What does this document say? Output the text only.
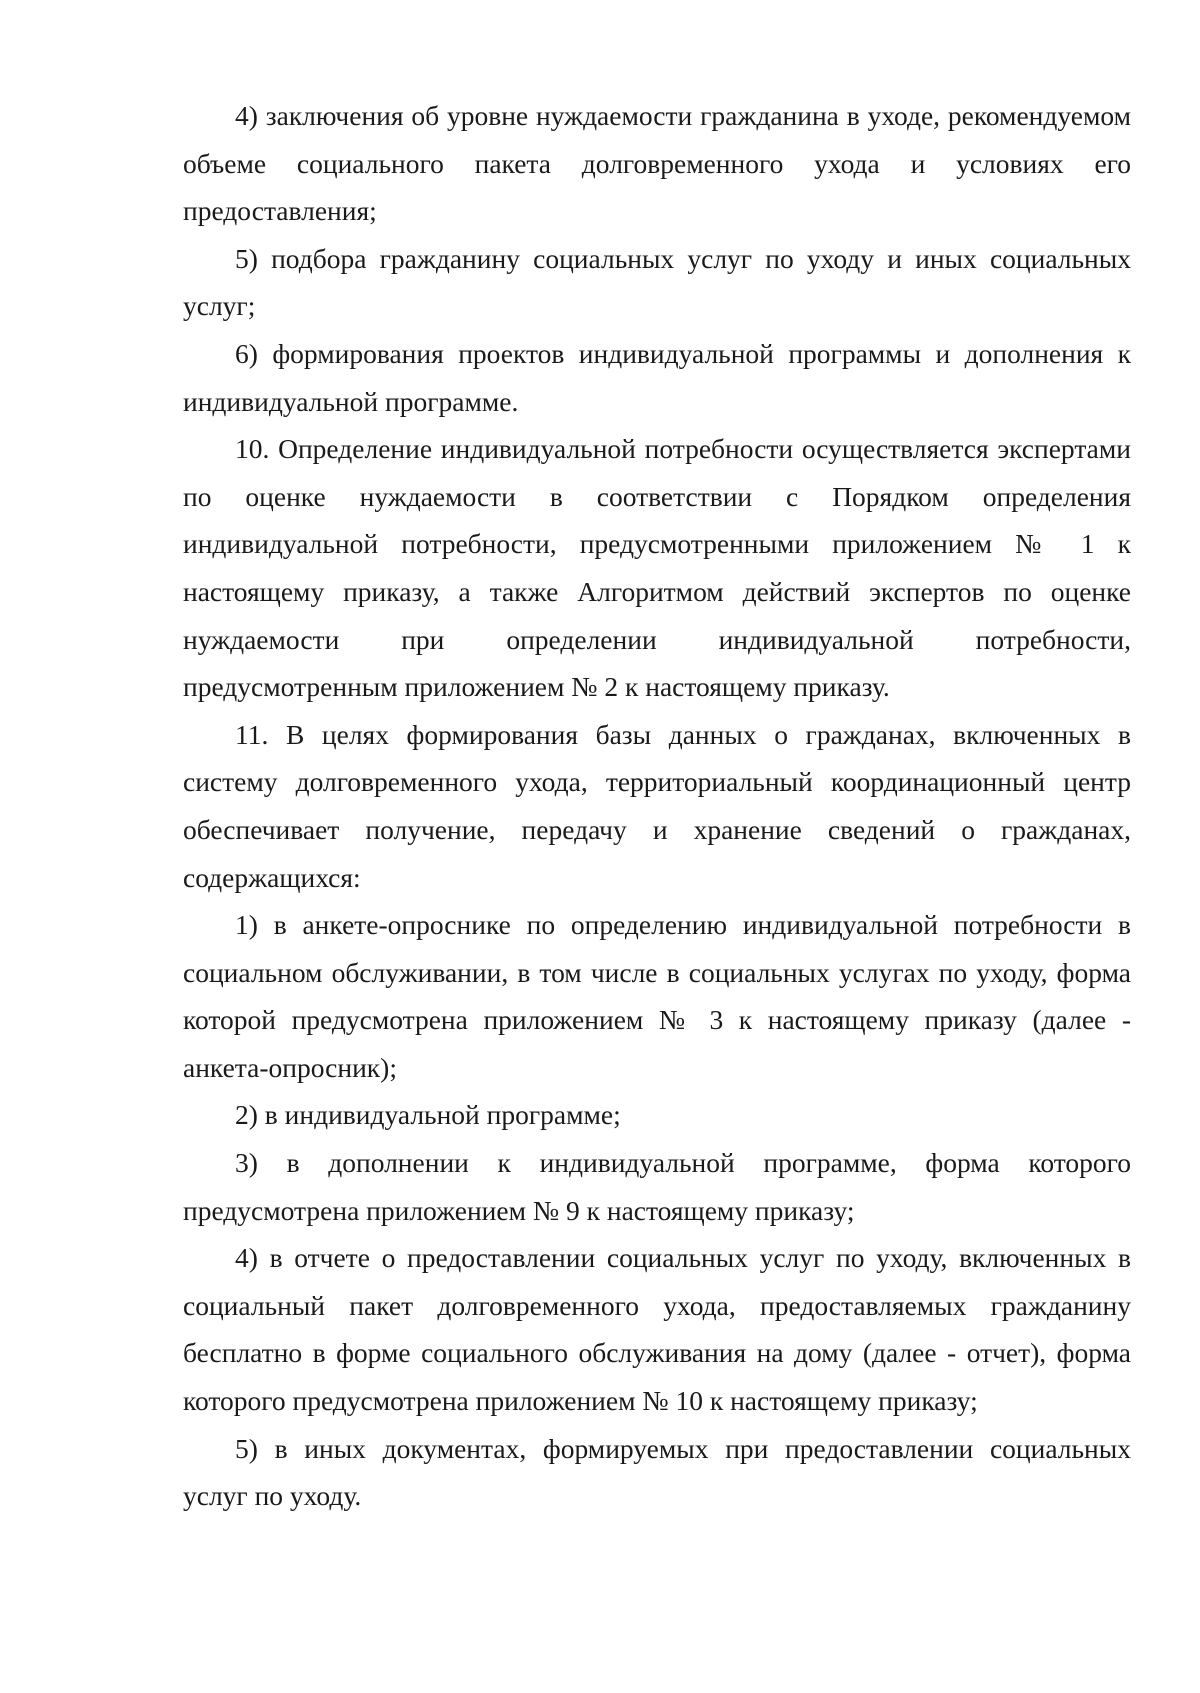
4) заключения об уровне нуждаемости гражданина в уходе, рекомендуемом объеме социального пакета долговременного ухода и условиях его предоставления;

5) подбора гражданину социальных услуг по уходу и иных социальных услуг;

6) формирования проектов индивидуальной программы и дополнения к индивидуальной программе.

10. Определение индивидуальной потребности осуществляется экспертами по оценке нуждаемости в соответствии с Порядком определения индивидуальной потребности, предусмотренными приложением № 1 к настоящему приказу, а также Алгоритмом действий экспертов по оценке нуждаемости при определении индивидуальной потребности, предусмотренным приложением № 2 к настоящему приказу.

11. В целях формирования базы данных о гражданах, включенных в систему долговременного ухода, территориальный координационный центр обеспечивает получение, передачу и хранение сведений о гражданах, содержащихся:

1) в анкете-опроснике по определению индивидуальной потребности в социальном обслуживании, в том числе в социальных услугах по уходу, форма которой предусмотрена приложением № 3 к настоящему приказу (далее - анкета-опросник);

2) в индивидуальной программе;

3) в дополнении к индивидуальной программе, форма которого предусмотрена приложением № 9 к настоящему приказу;

4) в отчете о предоставлении социальных услуг по уходу, включенных в социальный пакет долговременного ухода, предоставляемых гражданину бесплатно в форме социального обслуживания на дому (далее - отчет), форма которого предусмотрена приложением № 10 к настоящему приказу;

5) в иных документах, формируемых при предоставлении социальных услуг по уходу.
